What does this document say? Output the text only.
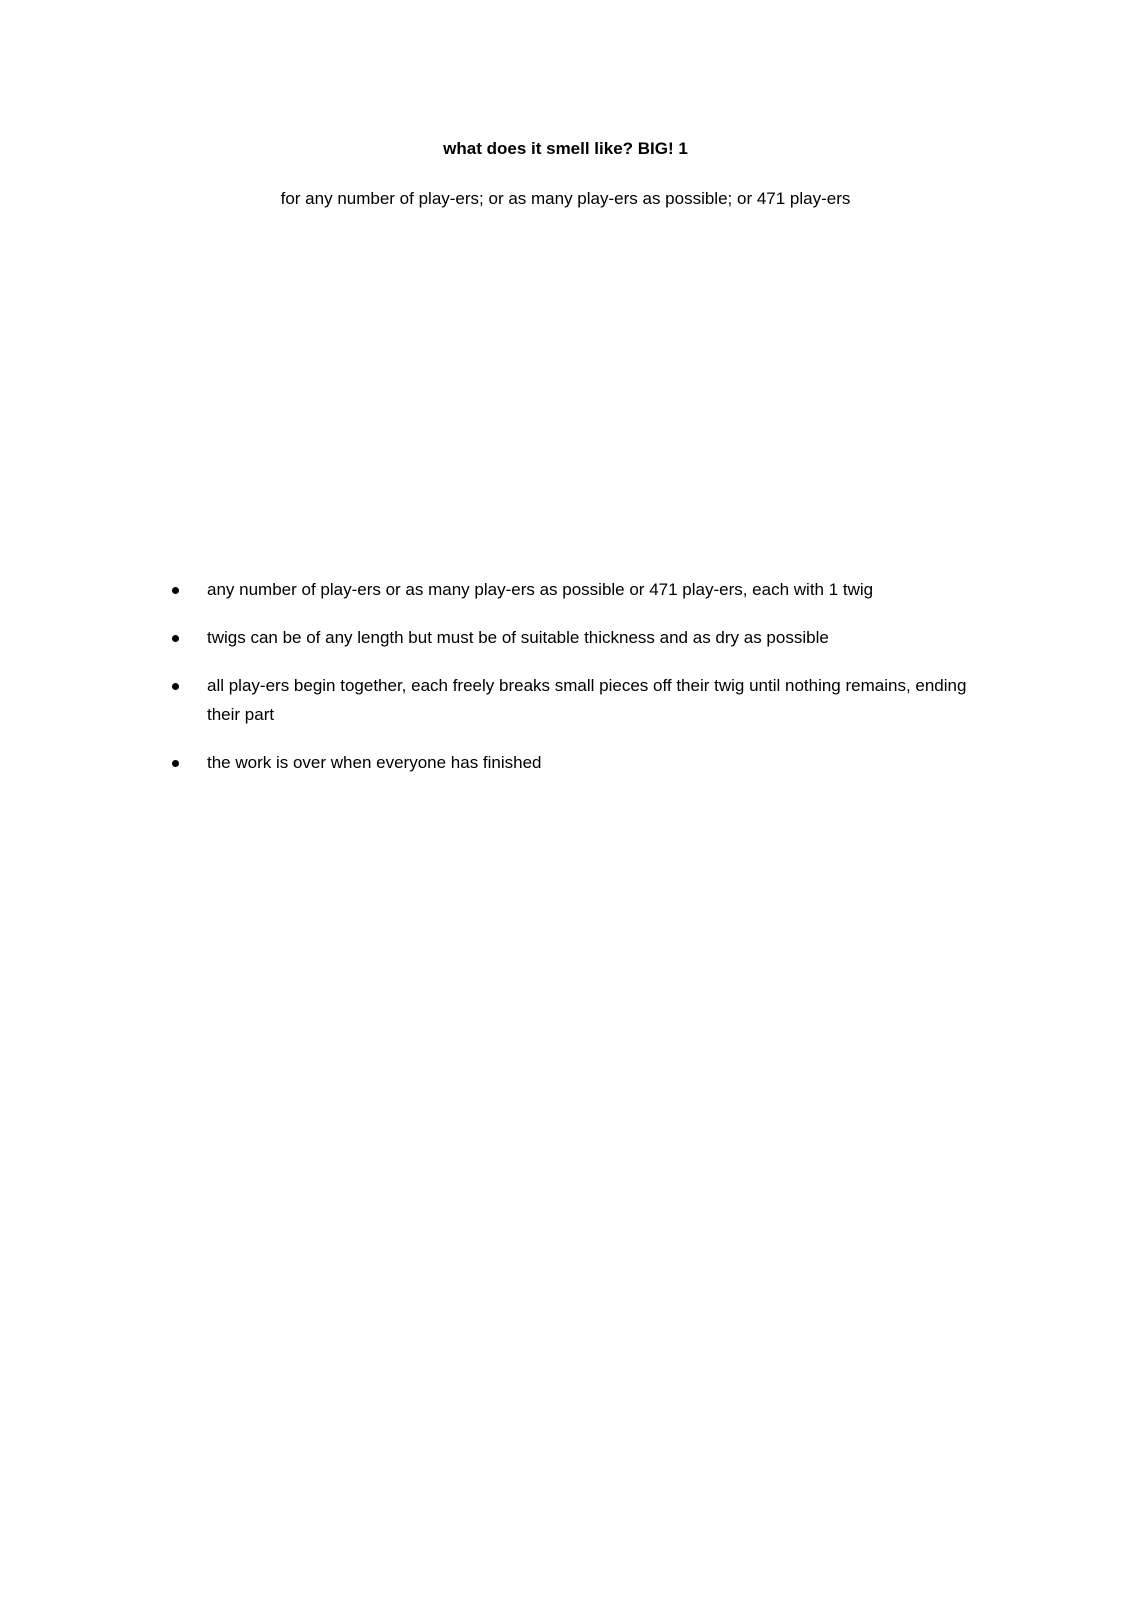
what does it smell like? BIG! 1
for any number of play-ers; or as many play-ers as possible; or 471 play-ers
any number of play-ers or as many play-ers as possible or 471 play-ers, each with 1 twig
twigs can be of any length but must be of suitable thickness and as dry as possible
all play-ers begin together, each freely breaks small pieces off their twig until nothing remains, ending their part
the work is over when everyone has finished
